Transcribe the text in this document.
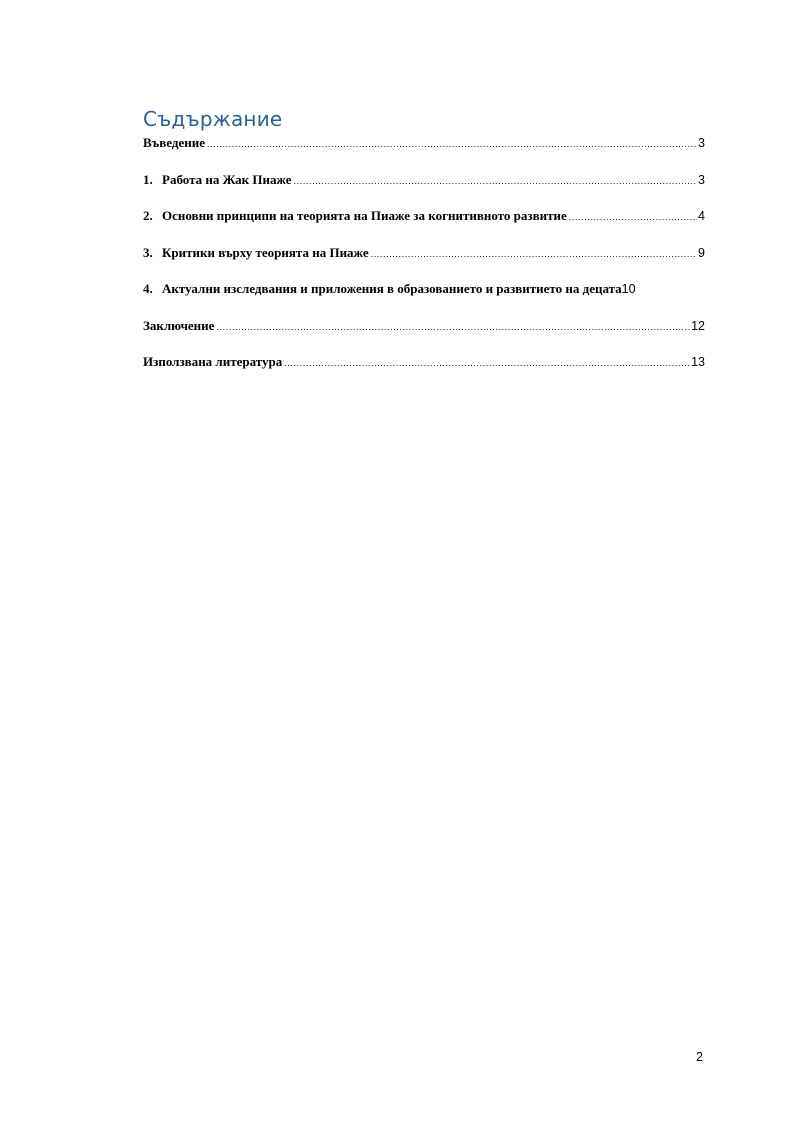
Съдържание
Въведение .....	3
1. Работа на Жак Пиаже .....	3
2. Основни принципи на теорията на Пиаже за когнитивното развитие .....	4
3. Критики върху теорията на Пиаже .....	9
4. Актуални изследвания и приложения в образованието и развитието на децата 10
Заключение .....	12
Използвана литература .....	13
2
